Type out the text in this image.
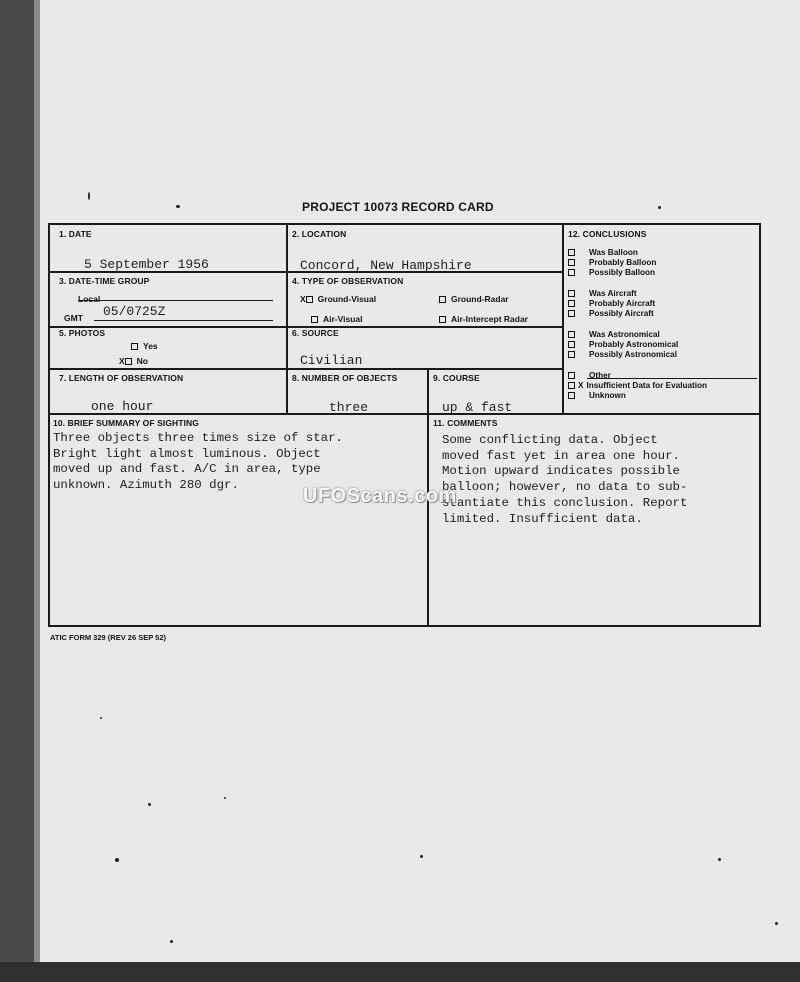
PROJECT 10073 RECORD CARD
1. DATE
5 September 1956
2. LOCATION
Concord, New Hampshire
3. DATE-TIME GROUP
Local
GMT 05/0725Z
4. TYPE OF OBSERVATION
X Ground-Visual	Ground-Radar
Air-Visual	Air-Intercept Radar
5. PHOTOS
Yes
X No
6. SOURCE
Civilian
7. LENGTH OF OBSERVATION
one hour
8. NUMBER OF OBJECTS
three
9. COURSE
up & fast
12. CONCLUSIONS
Was Balloon
Probably Balloon
Possibly Balloon
Was Aircraft
Probably Aircraft
Possibly Aircraft
Was Astronomical
Probably Astronomical
Possibly Astronomical
Other
X Insufficient Data for Evaluation
Unknown
10. BRIEF SUMMARY OF SIGHTING
Three objects three times size of star.
Bright light almost luminous. Object
moved up and fast. A/C in area, type
unknown. Azimuth 280 dgr.
11. COMMENTS
Some conflicting data. Object
moved fast yet in area one hour.
Motion upward indicates possible
balloon; however, no data to sub-
stantiate this conclusion. Report
limited. Insufficient data.
UFOScans.com
ATIC FORM 329 (REV 26 SEP 52)
